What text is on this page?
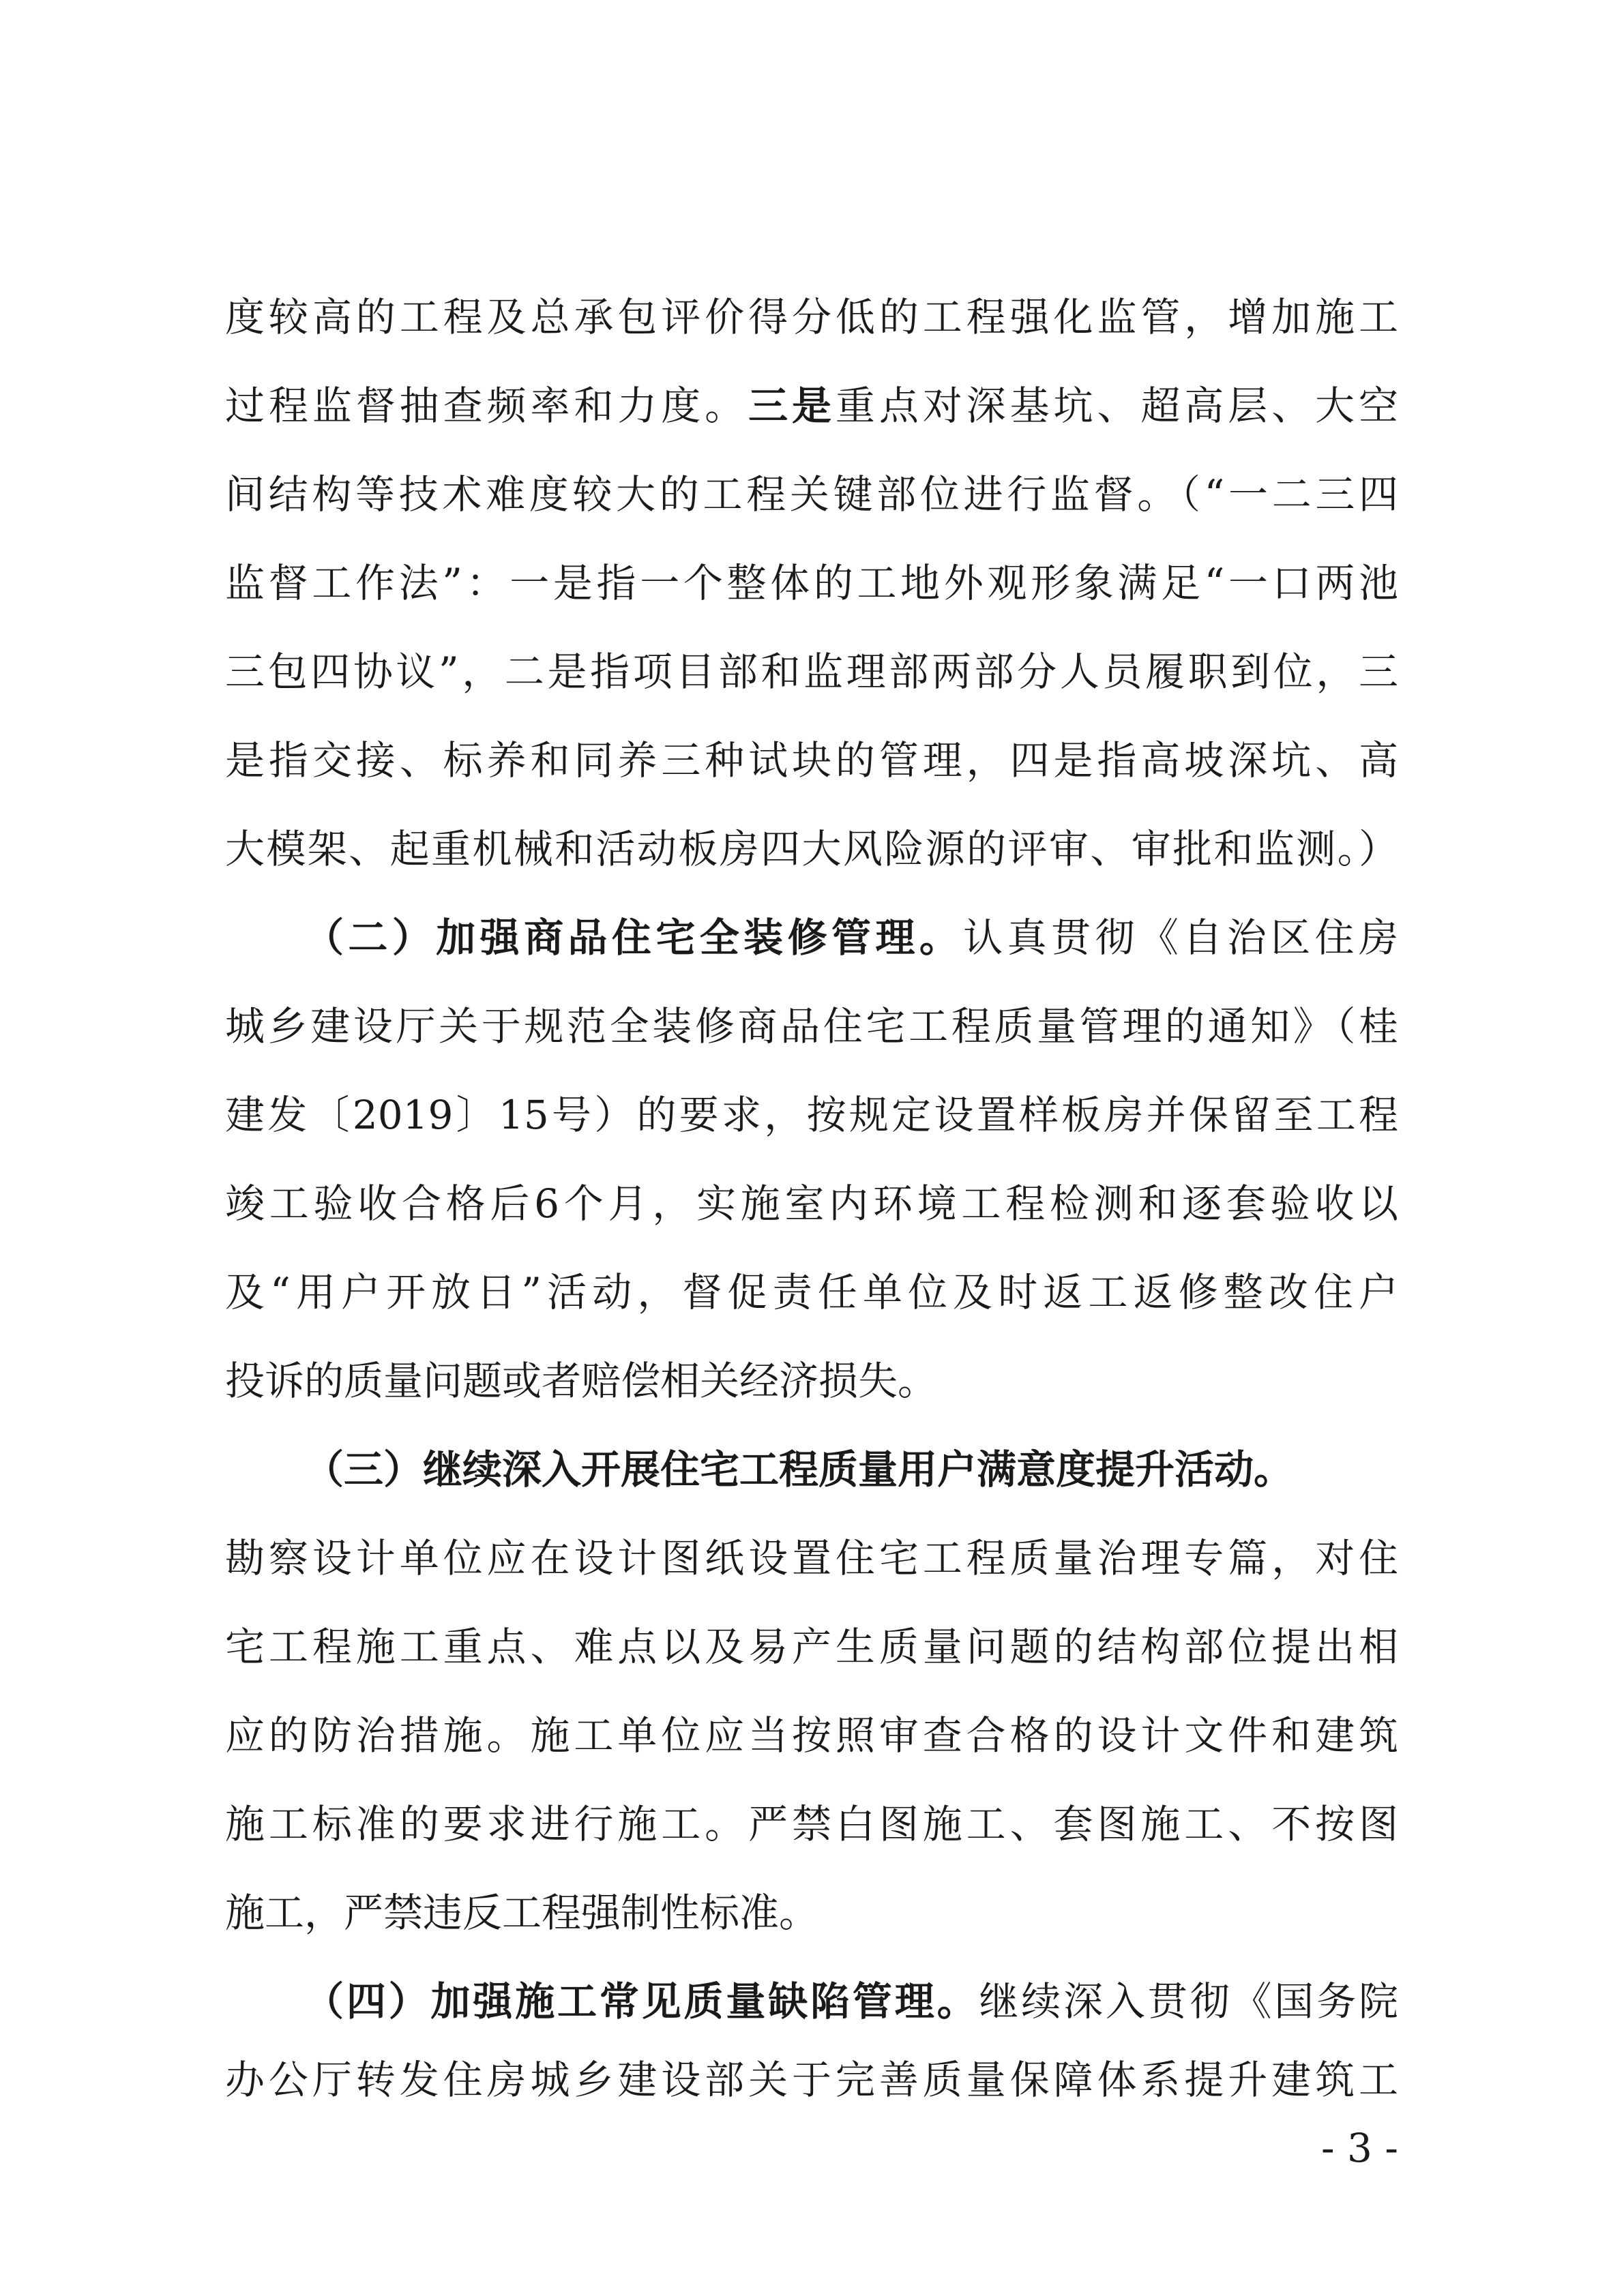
度较高的工程及总承包评价得分低的工程强化监管，增加施工
过程监督抽查频率和力度。三是重点对深基坑、超高层、大空
间结构等技术难度较大的工程关键部位进行监督。（“一二三四
监督工作法”：一是指一个整体的工地外观形象满足“一口两池
三包四协议”，二是指项目部和监理部两部分人员履职到位，三
是指交接、标养和同养三种试块的管理，四是指高坡深坑、高
大模架、起重机械和活动板房四大风险源的评审、审批和监测。）
（二）加强商品住宅全装修管理。认真贯彻《自治区住房
城乡建设厅关于规范全装修商品住宅工程质量管理的通知》（桂
建发〔2019〕15号）的要求，按规定设置样板房并保留至工程
竣工验收合格后6个月，实施室内环境工程检测和逐套验收以
及“用户开放日”活动，督促责任单位及时返工返修整改住户
投诉的质量问题或者赔偿相关经济损失。
（三）继续深入开展住宅工程质量用户满意度提升活动。
勘察设计单位应在设计图纸设置住宅工程质量治理专篇，对住
宅工程施工重点、难点以及易产生质量问题的结构部位提出相
应的防治措施。施工单位应当按照审查合格的设计文件和建筑
施工标准的要求进行施工。严禁白图施工、套图施工、不按图
施工，严禁违反工程强制性标准。
（四）加强施工常见质量缺陷管理。继续深入贯彻《国务院
办公厅转发住房城乡建设部关于完善质量保障体系提升建筑工
- 3 -
